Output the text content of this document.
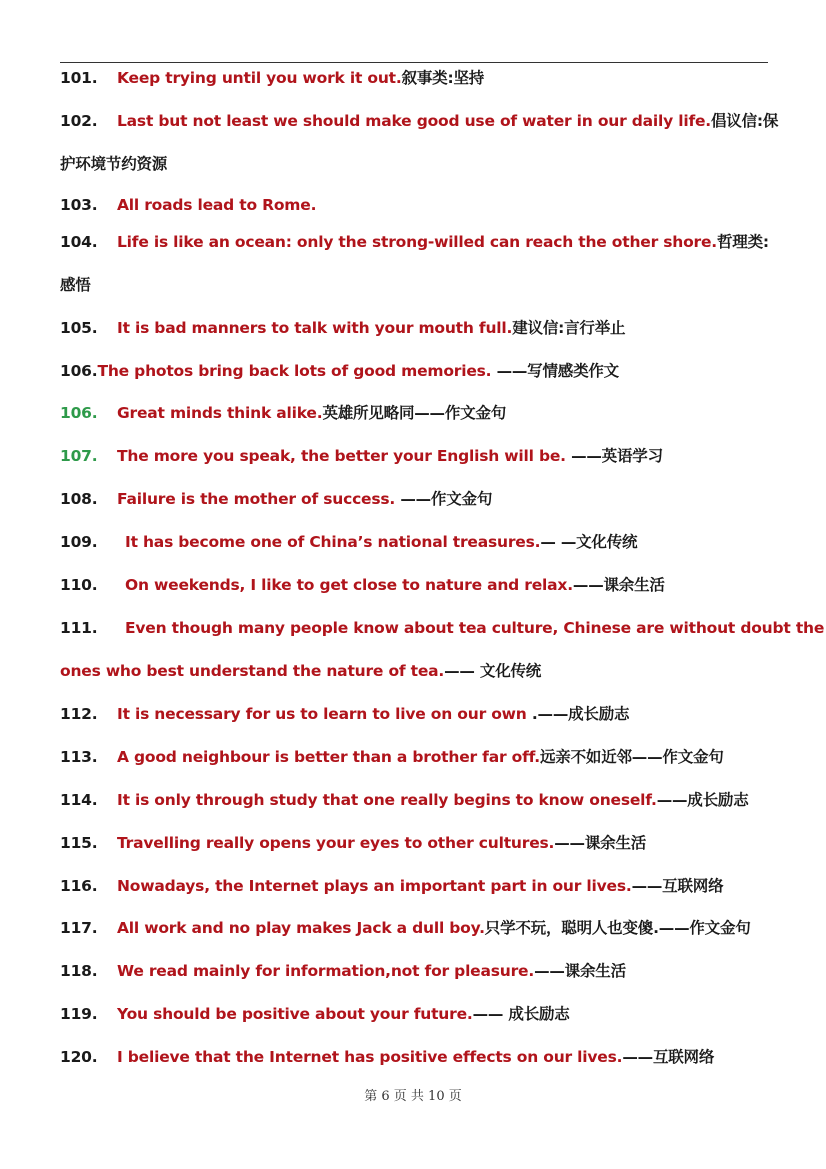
101. Keep trying until you work it out.叙事类:坚持
102. Last but not least we should make good use of water in our daily life.倡议信:保
护环境节约资源
103. All roads lead to Rome.
104. Life is like an ocean: only the strong-willed can reach the other shore.哲理类:
感悟
105. It is bad manners to talk with your mouth full.建议信:言行举止
106.The photos bring back lots of good memories. ——写情感类作文
106. Great minds think alike.英雄所见略同——作文金句
107. The more you speak, the better your English will be. ——英语学习
108. Failure is the mother of success. ——作文金句
109. It has become one of China’s national treasures.— —文化传统
110. On weekends, I like to get close to nature and relax.——课余生活
111. Even though many people know about tea culture, Chinese are without doubt the
ones who best understand the nature of tea.—— 文化传统
112. It is necessary for us to learn to live on our own .——成长励志
113. A good neighbour is better than a brother far off.远亲不如近邻——作文金句
114. It is only through study that one really begins to know oneself.——成长励志
115. Travelling really opens your eyes to other cultures.——课余生活
116. Nowadays, the Internet plays an important part in our lives.——互联网络
117. All work and no play makes Jack a dull boy.只学不玩，聪明人也变傻.——作文金句
118. We read mainly for information,not for pleasure.——课余生活
119. You should be positive about your future.—— 成长励志
120. I believe that the Internet has positive effects on our lives.——互联网络
第 6 页 共 10 页
